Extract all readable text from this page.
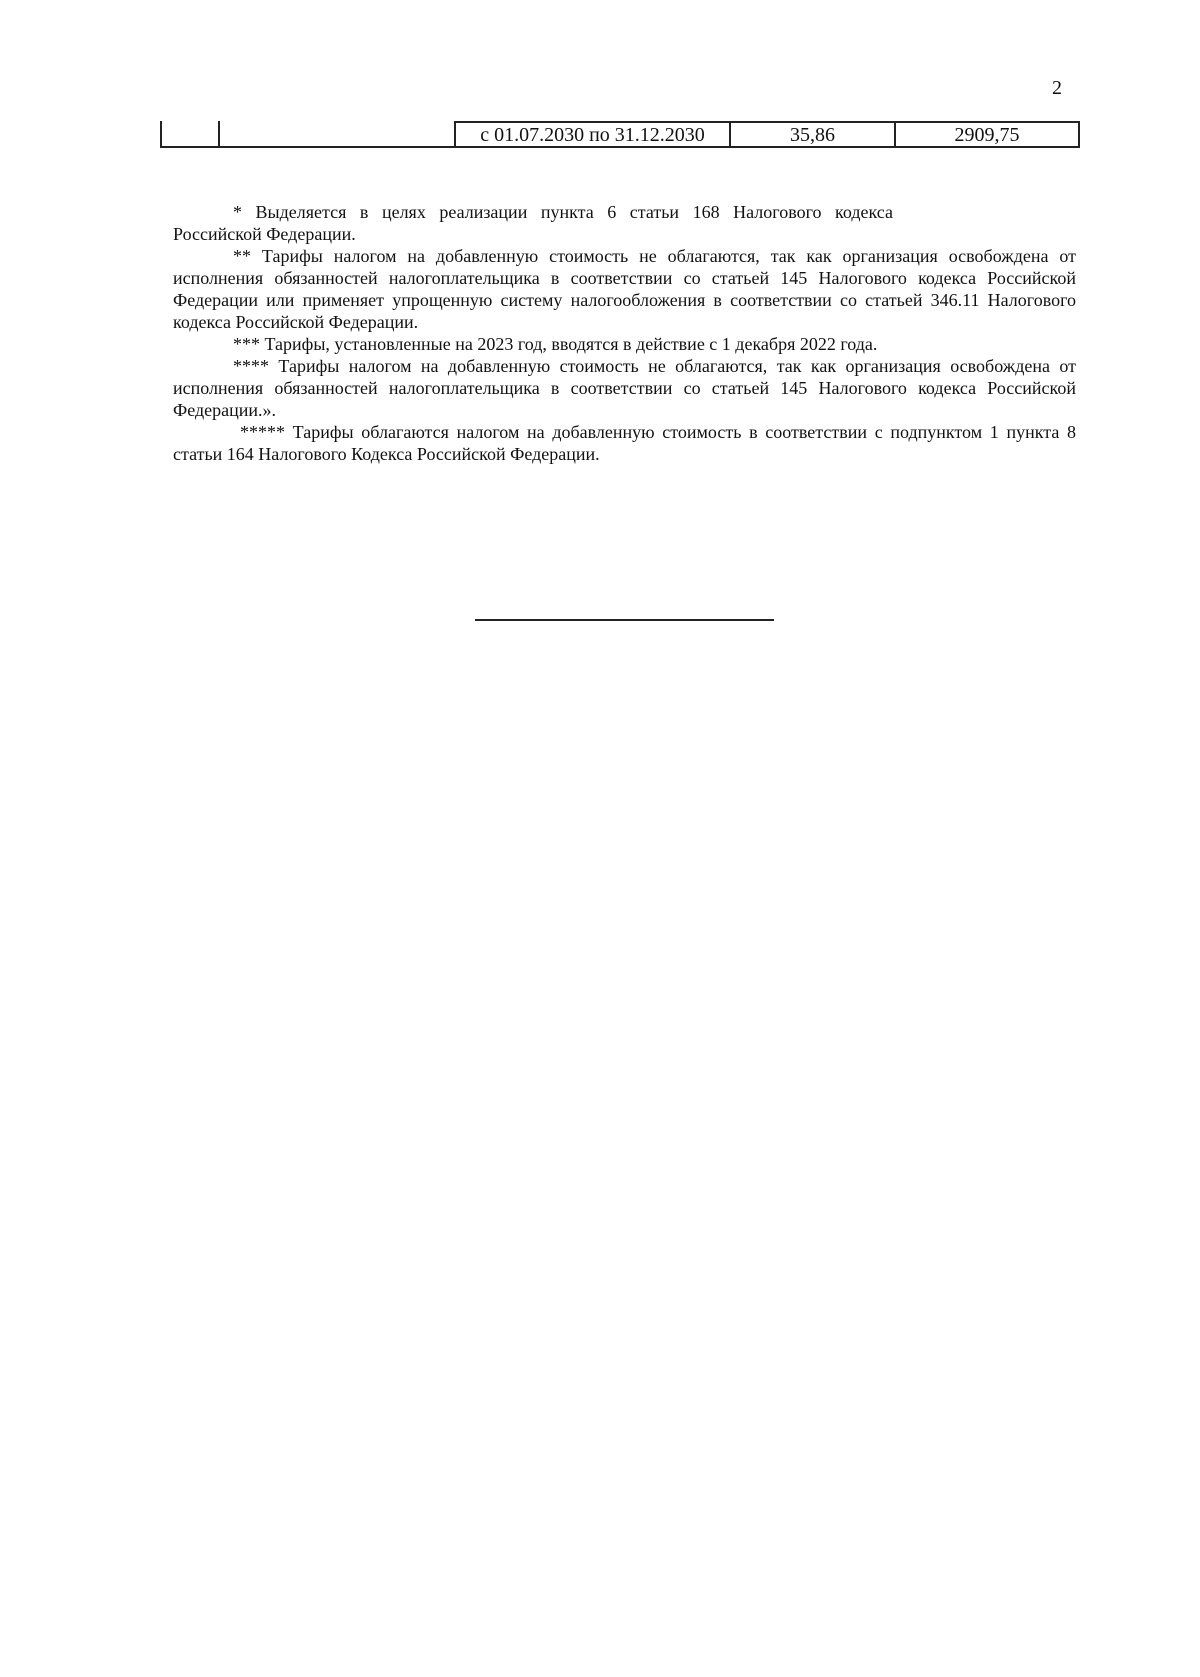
2
с 01.07.2030 по 31.12.2030	35,86	2909,75

* Выделяется в целях реализации пункта 6 статьи 168 Налогового кодекса Российской Федерации.

** Тарифы налогом на добавленную стоимость не облагаются, так как организация освобождена от исполнения обязанностей налогоплательщика в соответствии со статьей 145 Налогового кодекса Российской Федерации или применяет упрощенную систему налогообложения в соответствии со статьей 346.11 Налогового кодекса Российской Федерации.

*** Тарифы, установленные на 2023 год, вводятся в действие с 1 декабря 2022 года.

**** Тарифы налогом на добавленную стоимость не облагаются, так как организация освобождена от исполнения обязанностей налогоплательщика в соответствии со статьей 145 Налогового кодекса Российской Федерации.».

***** Тарифы облагаются налогом на добавленную стоимость в соответствии с подпунктом 1 пункта 8 статьи 164 Налогового Кодекса Российской Федерации.
